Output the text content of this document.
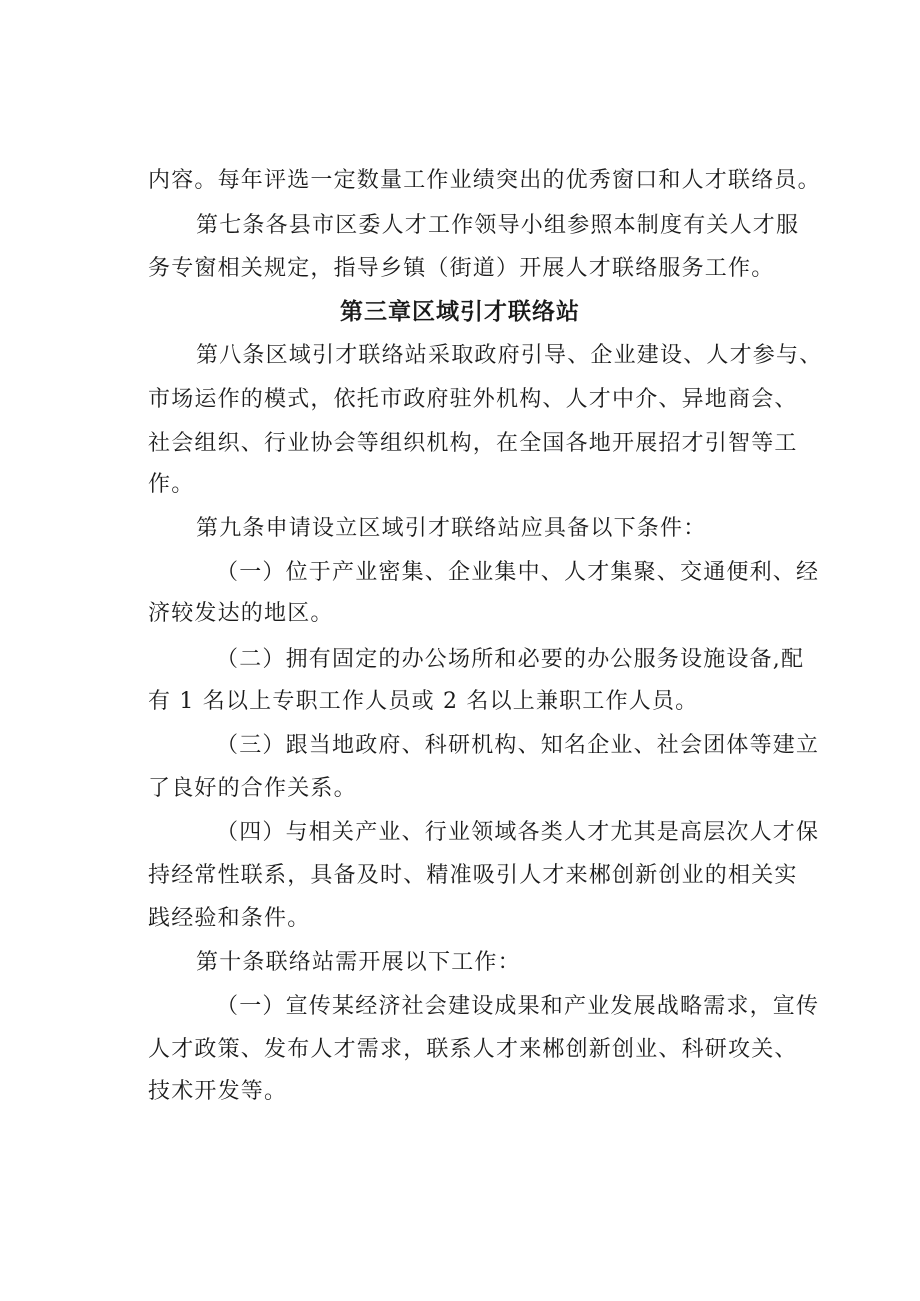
内容。每年评选一定数量工作业绩突出的优秀窗口和人才联络员。
第七条各县市区委人才工作领导小组参照本制度有关人才服
务专窗相关规定，指导乡镇（街道）开展人才联络服务工作。
第三章区域引才联络站
第八条区域引才联络站采取政府引导、企业建设、人才参与、
市场运作的模式，依托市政府驻外机构、人才中介、异地商会、
社会组织、行业协会等组织机构，在全国各地开展招才引智等工
作。
第九条申请设立区域引才联络站应具备以下条件：
（一）位于产业密集、企业集中、人才集聚、交通便利、经
济较发达的地区。
（二）拥有固定的办公场所和必要的办公服务设施设备,配
有 1 名以上专职工作人员或 2 名以上兼职工作人员。
（三）跟当地政府、科研机构、知名企业、社会团体等建立
了良好的合作关系。
（四）与相关产业、行业领域各类人才尤其是高层次人才保
持经常性联系，具备及时、精准吸引人才来郴创新创业的相关实
践经验和条件。
第十条联络站需开展以下工作：
（一）宣传某经济社会建设成果和产业发展战略需求，宣传
人才政策、发布人才需求，联系人才来郴创新创业、科研攻关、
技术开发等。
